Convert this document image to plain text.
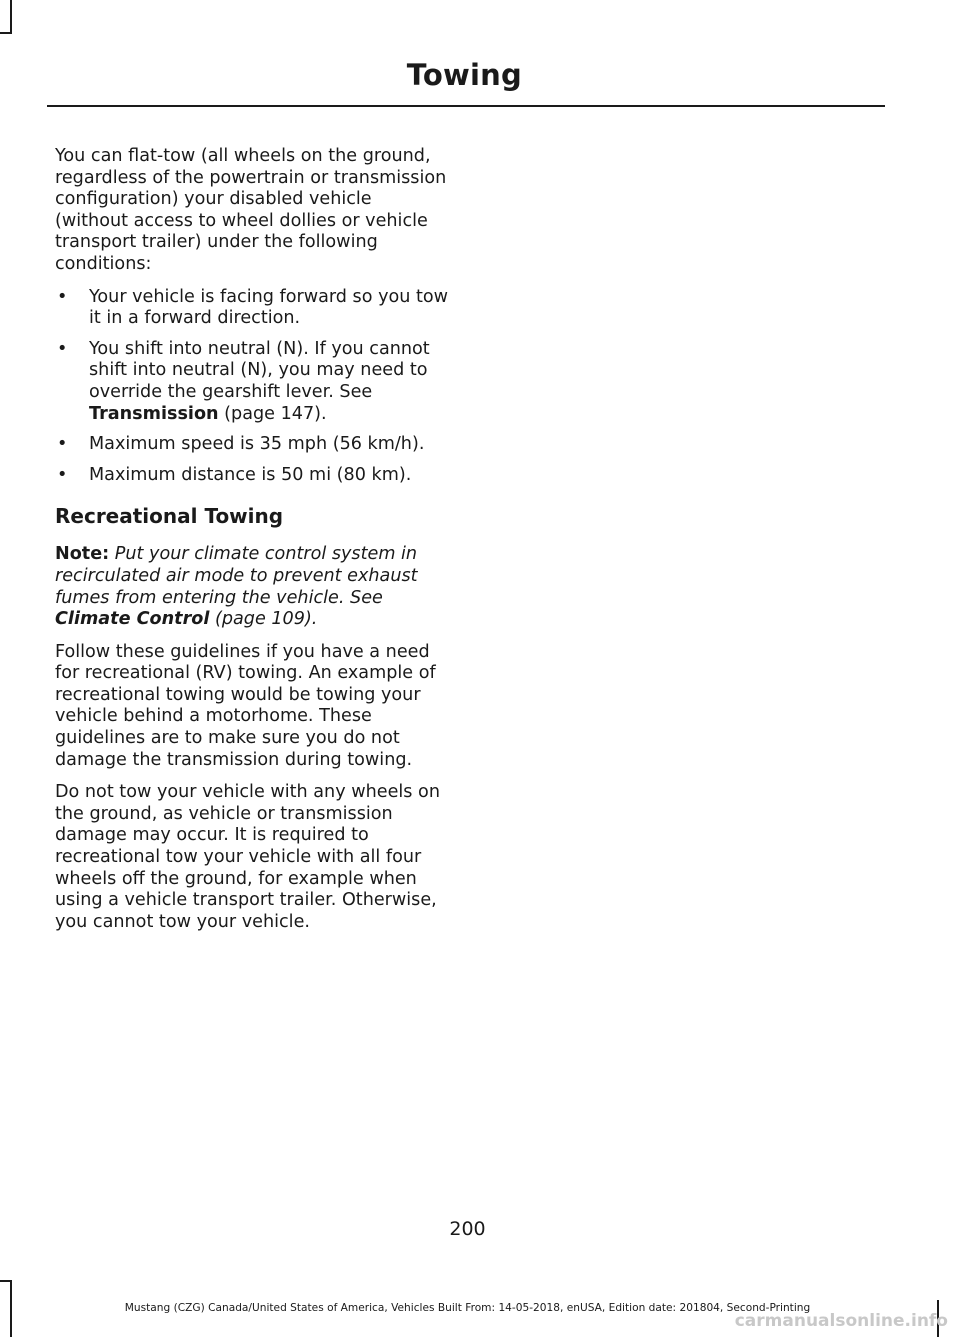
Towing

You can flat-tow (all wheels on the ground, regardless of the powertrain or transmission configuration) your disabled vehicle (without access to wheel dollies or vehicle transport trailer) under the following conditions:

• Your vehicle is facing forward so you tow it in a forward direction.
• You shift into neutral (N). If you cannot shift into neutral (N), you may need to override the gearshift lever. See Transmission (page 147).
• Maximum speed is 35 mph (56 km/h).
• Maximum distance is 50 mi (80 km).
Recreational Towing

Note: Put your climate control system in recirculated air mode to prevent exhaust fumes from entering the vehicle. See Climate Control (page 109).

Follow these guidelines if you have a need for recreational (RV) towing. An example of recreational towing would be towing your vehicle behind a motorhome. These guidelines are to make sure you do not damage the transmission during towing.

Do not tow your vehicle with any wheels on the ground, as vehicle or transmission damage may occur. It is required to recreational tow your vehicle with all four wheels off the ground, for example when using a vehicle transport trailer. Otherwise, you cannot tow your vehicle.

200
Mustang (CZG) Canada/United States of America, Vehicles Built From: 14-05-2018, enUSA, Edition date: 201804, Second-Printing
carmanualsonline.info
